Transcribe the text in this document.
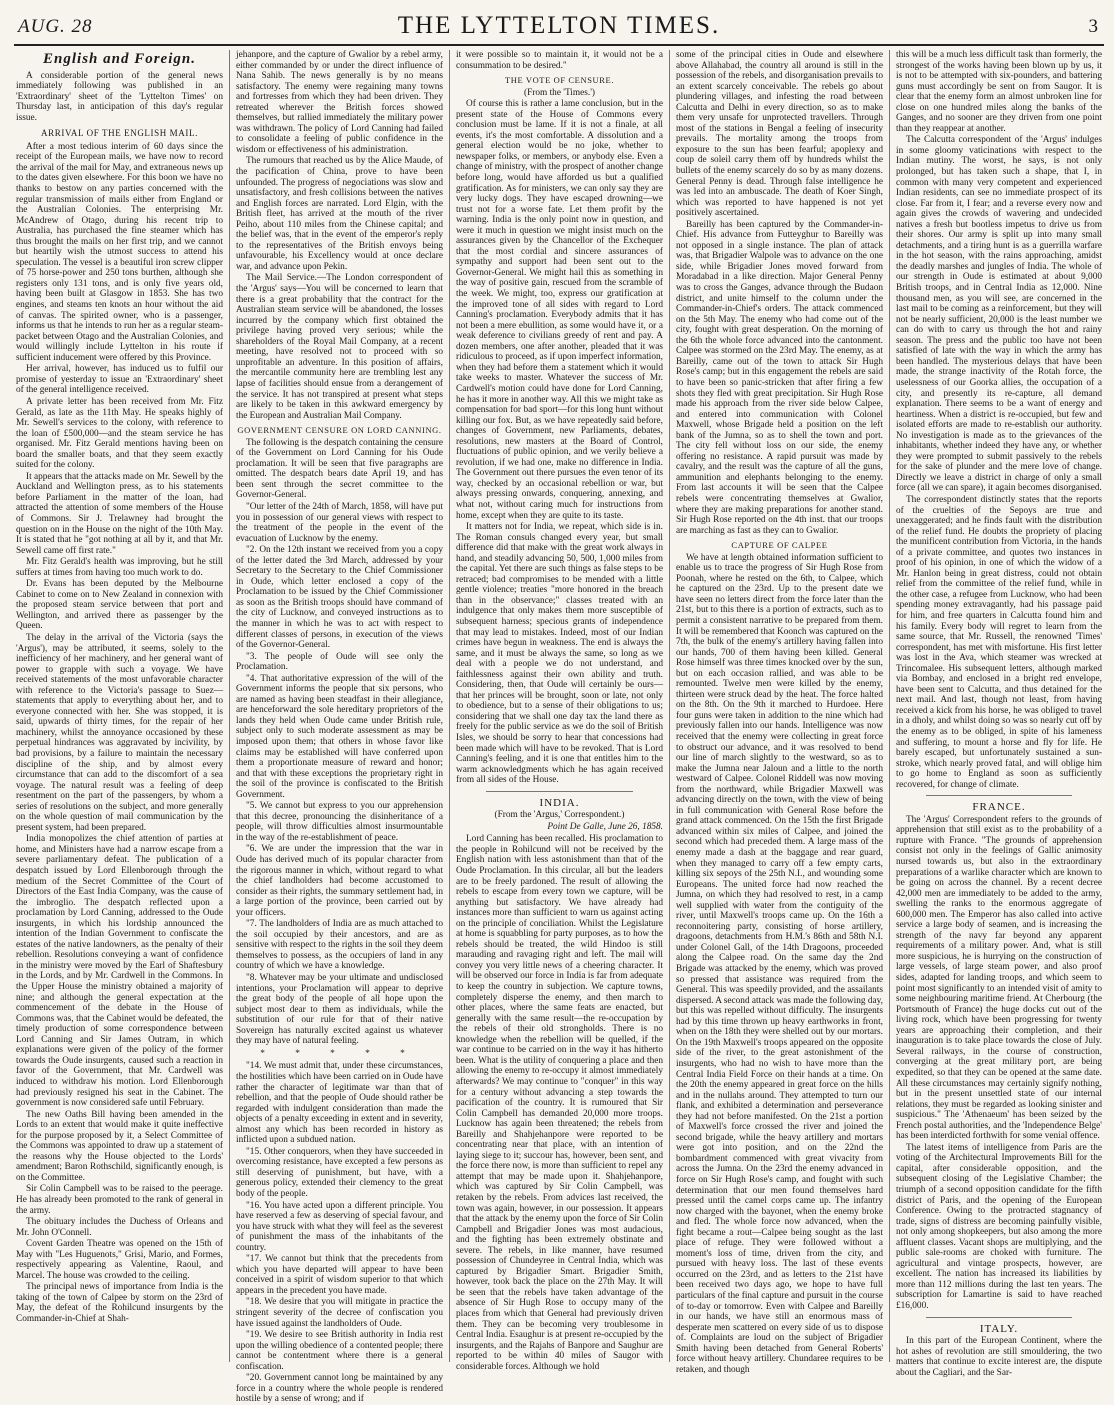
AUG. 28	THE LYTTELTON TIMES.	3
English and Foreign.

A considerable portion of the general news immediately following was published in an 'Extraordinary' sheet of the 'Lyttelton Times' on Thursday last, in anticipation of this day's regular issue.

ARRIVAL OF THE ENGLISH MAIL.

After a most tedious interim of 60 days since the receipt of the European mails, we have now to record the arrival of the mail for May, and extraneous news up to the dates given elsewhere. For this boon we have no thanks to bestow on any parties concerned with the regular transmission of mails either from England or the Australian Colonies. The enterprising Mr. McAndrew of Otago, during his recent trip to Australia, has purchased the fine steamer which has thus brought the mails on her first trip, and we cannot but heartily wish the utmost success to attend his speculation. The vessel is a beautiful iron screw clipper of 75 horse-power and 250 tons burthen, although she registers only 131 tons, and is only five years old, having been built at Glasgow in 1853. She has two engines, and steams ten knots an hour without the aid of canvas. The spirited owner, who is a passenger, informs us that he intends to run her as a regular steam-packet between Otago and the Australian Colonies, and would willingly include Lyttelton in his route if sufficient inducement were offered by this Province.

Her arrival, however, has induced us to fulfil our promise of yesterday to issue an 'Extraordinary' sheet of the general intelligence received.

A private letter has been received from Mr. Fitz Gerald, as late as the 11th May. He speaks highly of Mr. Sewell's services to the colony, with reference to the loan of £500,000—and the steam service he has organised. Mr. Fitz Gerald mentions having been on board the smaller boats, and that they seem exactly suited for the colony.

It appears that the attacks made on Mr. Sewell by the Auckland and Wellington press, as to his statements before Parliament in the matter of the loan, had attracted the attention of some members of the House of Commons. Sir J. Trelawney had brought the question on in the House on the night of the 10th May. It is stated that he "got nothing at all by it, and that Mr. Sewell came off first rate."

Mr. Fitz Gerald's health was improving, but he still suffers at times from having too much work to do.

Dr. Evans has been deputed by the Melbourne Cabinet to come on to New Zealand in connexion with the proposed steam service between that port and Wellington, and arrived there as passenger by the Queen.

The delay in the arrival of the Victoria (says the 'Argus'), may be attributed, it seems, solely to the inefficiency of her machinery, and her general want of power to grapple with such a voyage. We have received statements of the most unfavorable character with reference to the Victoria's passage to Suez—statements that apply to everything about her, and to everyone connected with her. She was stopped, it is said, upwards of thirty times, for the repair of her machinery, whilst the annoyance occasioned by these perpetual hindrances was aggravated by incivility, by bad provisions, by a failure to maintain the necessary discipline of the ship, and by almost every circumstance that can add to the discomfort of a sea voyage. The natural result was a feeling of deep resentment on the part of the passengers, by whom a series of resolutions on the subject, and more generally on the whole question of mail communication by the present system, had been prepared.

India monopolizes the chief attention of parties at home, and Ministers have had a narrow escape from a severe parliamentary defeat. The publication of a despatch issued by Lord Ellenborough through the medium of the Secret Committee of the Court of Directors of the East India Company, was the cause of the imbroglio. The despatch reflected upon a proclamation by Lord Canning, addressed to the Oude insurgents, in which his lordship announced the intention of the Indian Government to confiscate the estates of the native landowners, as the penalty of their rebellion. Resolutions conveying a want of confidence in the ministry were moved by the Earl of Shaftesbury in the Lords, and by Mr. Cardwell in the Commons. In the Upper House the ministry obtained a majority of nine; and although the general expectation at the commencement of the debate in the House of Commons was, that the Cabinet would be defeated, the timely production of some correspondence between Lord Canning and Sir James Outram, in which explanations were given of the policy of the former towards the Oude insurgents, caused such a reaction in favor of the Government, that Mr. Cardwell was induced to withdraw his motion. Lord Ellenborough had previously resigned his seat in the Cabinet. The government is now considered safe until February.

The new Oaths Bill having been amended in the Lords to an extent that would make it quite ineffective for the purpose proposed by it, a Select Committee of the Commons was appointed to draw up a statement of the reasons why the House objected to the Lords' amendment; Baron Rothschild, significantly enough, is on the Committee.

Sir Colin Campbell was to be raised to the peerage. He has already been promoted to the rank of general in the army.

The obituary includes the Duchess of Orleans and Mr. John O'Connell.

Covent Garden Theatre was opened on the 15th of May with "Les Huguenots," Grisi, Mario, and Formes, respectively appearing as Valentine, Raoul, and Marcel. The house was crowded to the ceiling.

The principal news of importance from India is the taking of the town of Calpee by storm on the 23rd of May, the defeat of the Rohilcund insurgents by the Commander-in-Chief at Shah-

jehanpore, and the capture of Gwalior by a rebel army, either commanded by or under the direct influence of Nana Sahib. The news generally is by no means satisfactory. The enemy were regaining many towns and fortresses from which they had been driven. They retreated wherever the British forces showed themselves, but rallied immediately the military power was withdrawn. The policy of Lord Canning had failed to consolidate a feeling of public confidence in the wisdom or effectiveness of his administration.

The rumours that reached us by the Alice Maude, of the pacification of China, prove to have been unfounded. The progress of negociations was slow and unsatisfactory, and fresh collisions between the natives and English forces are narrated. Lord Elgin, with the British fleet, has arrived at the mouth of the river Peiho, about 110 miles from the Chinese capital; and the belief was, that in the event of the emperor's reply to the representatives of the British envoys being unfavourable, his Excellency would at once declare war, and advance upon Pekin.

The Mail Service.—The London correspondent of the 'Argus' says—You will be concerned to learn that there is a great probability that the contract for the Australian steam service will be abandoned, the losses incurred by the company which first obtained the privilege having proved very serious; while the shareholders of the Royal Mail Company, at a recent meeting, have resolved not to proceed with so unprofitable an adventure. In this position of affairs, the mercantile community here are trembling lest any lapse of facilities should ensue from a derangement of the service. It has not transpired at present what steps are likely to be taken in this awkward emergency by the European and Australian Mail Company.

GOVERNMENT CENSURE ON LORD CANNING.

The following is the despatch containing the censure of the Government on Lord Canning for his Oude proclamation. It will be seen that five paragraphs are omitted. The despatch bears date April 19, and has been sent through the secret committee to the Governor-General.

"Our letter of the 24th of March, 1858, will have put you in possession of our general views with respect to the treatment of the people in the event of the evacuation of Lucknow by the enemy.

"2. On the 12th instant we received from you a copy of the letter dated the 3rd March, addressed by your Secretary to the Secretary to the Chief Commissioner in Oude, which letter enclosed a copy of the Proclamation to be issued by the Chief Commissioner as soon as the British troops should have command of the city of Lucknow, and conveyed instructions as to the manner in which he was to act with respect to different classes of persons, in execution of the views of the Governor-General.

"3. The people of Oude will see only the Proclamation.

"4. That authoritative expression of the will of the Government informs the people that six persons, who are named as having been steadfast in their allegiance, are henceforward the sole hereditary proprietors of the lands they held when Oude came under British rule, subject only to such moderate assessment as may be imposed upon them; that others in whose favor like claims may be established will have conferred upon them a proportionate measure of reward and honor; and that with these exceptions the proprietary right in the soil of the province is confiscated to the British Government.

"5. We cannot but express to you our apprehension that this decree, pronouncing the disinheritance of a people, will throw difficulties almost insurmountable in the way of the re-establishment of peace.

"6. We are under the impression that the war in Oude has derived much of its popular character from the rigorous manner in which, without regard to what the chief landholders had become accustomed to consider as their rights, the summary settlement had, in a large portion of the province, been carried out by your officers.

"7. The landholders of India are as much attached to the soil occupied by their ancestors, and are as sensitive with respect to the rights in the soil they deem themselves to possess, as the occupiers of land in any country of which we have a knowledge.

"8. Whatever may be your ultimate and undisclosed intentions, your Proclamation will appear to deprive the great body of the people of all hope upon the subject most dear to them as individuals, while the substitution of our rule for that of their native Sovereign has naturally excited against us whatever they may have of natural feeling.

* * * * *

"14. We must admit that, under these circumstances, the hostilities which have been carried on in Oude have rather the character of legitimate war than that of rebellion, and that the people of Oude should rather be regarded with indulgent consideration than made the objects of a penalty exceeding in extent and in severity, almost any which has been recorded in history as inflicted upon a subdued nation.

"15. Other conquerors, when they have succeeded in overcoming resistance, have excepted a few persons as still deserving of punishment, but have, with a generous policy, extended their clemency to the great body of the people.

"16. You have acted upon a different principle. You have reserved a few as deserving of special favour, and you have struck with what they will feel as the severest of punishment the mass of the inhabitants of the country.

"17. We cannot but think that the precedents from which you have departed will appear to have been conceived in a spirit of wisdom superior to that which appears in the precedent you have made.

"18. We desire that you will mitigate in practice the stringent severity of the decree of confiscation you have issued against the landholders of Oude.

"19. We desire to see British authority in India rest upon the willing obedience of a contented people; there cannot be contentment where there is a general confiscation.

"20. Government cannot long be maintained by any force in a country where the whole people is rendered hostile by a sense of wrong; and if

it were possible so to maintain it, it would not be a consummation to be desired."

THE VOTE OF CENSURE.
(From the 'Times.')

Of course this is rather a lame conclusion, but in the present state of the House of Commons every conclusion must be lame. If it is not a finale, at all events, it's the most comfortable. A dissolution and a general election would be no joke, whether to newspaper folks, or members, or anybody else. Even a change of ministry, with the prospect of another change before long, would have afforded us but a qualified gratification. As for ministers, we can only say they are very lucky dogs. They have escaped drowning—we trust not for a worse fate. Let them profit by the warning. India is the only point now in question, and were it much in question we might insist much on the assurances given by the Chancellor of the Exchequer that the most cordial and sincere assurances of sympathy and support had been sent out to the Governor-General. We might hail this as something in the way of positive gain, rescued from the scramble of the week. We might, too, express our gratification at the improved tone of all sides with regard to Lord Canning's proclamation. Everybody admits that it has not been a mere ebullition, as some would have it, or a weak deference to civilians greedy of rent and pay. A dozen members, one after another, pleaded that it was ridiculous to proceed, as if upon imperfect information, when they had before them a statement which it would take weeks to master. Whatever the success of Mr. Cardwell's motion could have done for Lord Canning, he has it more in another way. All this we might take as compensation for bad sport—for this long hunt without killing our fox. But, as we have repeatedly said before, changes of Government, new Parliaments, debates, resolutions, new masters at the Board of Control, fluctuations of public opinion, and we verily believe a revolution, if we had one, make no difference in India. The Government out there pursues the even tenor of its way, checked by an occasional rebellion or war, but always pressing onwards, conquering, annexing, and what not, without caring much for instructions from home, except when they are quite to its taste.

It matters not for India, we repeat, which side is in. The Roman consuls changed every year, but small difference did that make with the great work always in hand, and steadily advancing 50, 500, 1,000 miles from the capital. Yet there are such things as false steps to be retraced; bad compromises to be mended with a little gentle violence; treaties "more honored in the breach than in the observance;" classes treated with an indulgence that only makes them more susceptible of subsequent harness; specious grants of independence that may lead to mistakes. Indeed, most of our Indian crimes have begun in weakness. The end is always the same, and it must be always the same, so long as we deal with a people we do not understand, and faithlessness against their own ability and truth. Considering, then, that Oude will certainly be ours—that her princes will be brought, soon or late, not only to obedience, but to a sense of their obligations to us; considering that we shall one day tax the land there as freely for the public service as we do the soil of British Isles, we should be sorry to hear that concessions had been made which will have to be revoked. That is Lord Canning's feeling, and it is one that entitles him to the warm acknowledgments which he has again received from all sides of the House.

INDIA.
(From the 'Argus,' Correspondent.)
Point De Galle, June 26, 1858.

Lord Canning has been recalled. His proclamation to the people in Rohilcund will not be received by the English nation with less astonishment than that of the Oude Proclamation. In this circular, all but the leaders are to be freely pardoned. The result of allowing the rebels to escape from every town we capture, will be anything but satisfactory. We have already had instances more than sufficient to warn us against acting on the principle of conciliation. Whilst the Legislature at home is squabbling for party purposes, as to how the rebels should be treated, the wild Hindoo is still marauding and ravaging right and left. The mail will convey you very little news of a cheering character. It will be observed our force in India is far from adequate to keep the country in subjection. We capture towns, completely disperse the enemy, and then march to other places, where the same feats are enacted, but generally with the same result—the re-occupation by the rebels of their old strongholds. There is no knowledge when the rebellion will be quelled, if the war continue to be carried on in the way it has hitherto been. What is the utility of conquering a place and then allowing the enemy to re-occupy it almost immediately afterwards? We may continue to "conquer" in this way for a century without advancing a step towards the pacification of the country. It is rumoured that Sir Colin Campbell has demanded 20,000 more troops. Lucknow has again been threatened; the rebels from Bareilly and Shahjehanpore were reported to be concentrating near that place, with an intention of laying siege to it; succour has, however, been sent, and the force there now, is more than sufficient to repel any attempt that may be made upon it. Shahjehanpore, which was captured by Sir Colin Campbell, was retaken by the rebels. From advices last received, the town was again, however, in our possession. It appears that the attack by the enemy upon the force of Sir Colin Campbell and Brigadier Jones was most audacious, and the fighting has been extremely obstinate and severe. The rebels, in like manner, have resumed possession of Chundeyree in Central India, which was captured by Brigadier Smart. Brigadier Smith, however, took back the place on the 27th May. It will be seen that the rebels have taken advantage of the absence of Sir Hugh Rose to occupy many of the places from which that General had previously driven them. They can be becoming very troublesome in Central India. Esaughur is at present re-occupied by the insurgents, and the Rajahs of Banpore and Saughur are reported to be within 40 miles of Saugor with considerable forces. Although we hold

some of the principal cities in Oude and elsewhere above Allahabad, the country all around is still in the possession of the rebels, and disorganisation prevails to an extent scarcely conceivable. The rebels go about plundering villages, and infesting the road between Calcutta and Delhi in every direction, so as to make them very unsafe for unprotected travellers. Through most of the stations in Bengal a feeling of insecurity prevails. The mortality among the troops from exposure to the sun has been fearful; apoplexy and coup de soleil carry them off by hundreds whilst the bullets of the enemy scarcely do so by as many dozens. General Penny is dead. Through false intelligence he was led into an ambuscade. The death of Koer Singh, which was reported to have happened is not yet positively ascertained.

Bareilly has been captured by the Commander-in-Chief. His advance from Futteyghur to Bareilly was not opposed in a single instance. The plan of attack was, that Brigadier Walpole was to advance on the one side, while Brigadier Jones moved forward from Moradabad in a like direction. Major General Penny was to cross the Ganges, advance through the Budaon district, and unite himself to the column under the Commander-in-Chief's orders. The attack commenced on the 5th May. The enemy who had come out of the city, fought with great desperation. On the morning of the 6th the whole force advanced into the cantonment. Calpee was stormed on the 23rd May. The enemy, as at Bareilly, came out of the town to attack Sir Hugh Rose's camp; but in this engagement the rebels are said to have been so panic-stricken that after firing a few shots they fled with great precipitation. Sir Hugh Rose made his approach from the river side below Calpee, and entered into communication with Colonel Maxwell, whose Brigade held a position on the left bank of the Jumna, so as to shell the town and port. The city fell without loss on our side, the enemy offering no resistance. A rapid pursuit was made by cavalry, and the result was the capture of all the guns, ammunition and elephants belonging to the enemy. From last accounts it will be seen that the Calpee rebels were concentrating themselves at Gwalior, where they are making preparations for another stand. Sir Hugh Rose reported on the 4th inst. that our troops are marching as fast as they can to Gwalior.

CAPTURE OF CALPEE

We have at length obtained information sufficient to enable us to trace the progress of Sir Hugh Rose from Poonah, where he rested on the 6th, to Calpee, which he captured on the 23rd. Up to the present date we have seen no letters direct from the force later than the 21st, but to this there is a portion of extracts, such as to permit a consistent narrative to be prepared from them. It will be remembered that Koonch was captured on the 7th, the bulk of the enemy's artillery having fallen into our hands, 700 of them having been killed. General Rose himself was three times knocked over by the sun, but on each occasion rallied, and was able to be remounted. Twelve men were killed by the enemy, thirteen were struck dead by the heat. The force halted on the 8th. On the 9th it marched to Hurdoee. Here four guns were taken in addition to the nine which had previously fallen into our hands. Intelligence was now received that the enemy were collecting in great force to obstruct our advance, and it was resolved to bend our line of march slightly to the westward, so as to make the Jumna near Jaloun and a little to the north westward of Calpee. Colonel Riddell was now moving from the northward, while Brigadier Maxwell was advancing directly on the town, with the view of being in full communication with General Rose before the grand attack commenced. On the 15th the first Brigade advanced within six miles of Calpee, and joined the second which had preceded them. A large mass of the enemy made a dash at the baggage and rear guard, when they managed to carry off a few empty carts, killing six sepoys of the 25th N.I., and wounding some Europeans. The united force had now reached the Jumna, on which they had resolved to rest, in a camp well supplied with water from the contiguity of the river, until Maxwell's troops came up. On the 16th a reconnoitering party, consisting of horse artillery, dragoons, detachments from H.M.'s 86th and 58th N.I. under Colonel Gall, of the 14th Dragoons, proceeded along the Calpee road. On the same day the 2nd Brigade was attacked by the enemy, which was proved so pressed that assistance was required from the General. This was speedily provided, and the assailants dispersed. A second attack was made the following day, but this was repelled without difficulty. The insurgents had by this time thrown up heavy earthworks in front, when on the 18th they were shelled out by our mortars. On the 19th Maxwell's troops appeared on the opposite side of the river, to the great astonishment of the insurgents, who had no wish to have more than the Central India Field Force on their hands at a time. On the 20th the enemy appeared in great force on the hills and in the nullahs around. They attempted to turn our flank, and exhibited a determination and perseverance they had not before manifested. On the 21st a portion of Maxwell's force crossed the river and joined the second brigade, while the heavy artillery and mortars were got into position, and on the 22nd the bombardment commenced with great vivacity from across the Jumna. On the 23rd the enemy advanced in force on Sir Hugh Rose's camp, and fought with such determination that our men found themselves hard pressed until the camel corps came up. The infantry now charged with the bayonet, when the enemy broke and fled. The whole force now advanced, when the fight became a rout—Calpee being sought as the last place of refuge. They were followed without a moment's loss of time, driven from the city, and pursued with heavy loss. The last of these events occurred on the 23rd, and as letters to the 21st have been received two days ago, we hope to have full particulars of the final capture and pursuit in the course of to-day or tomorrow. Even with Calpee and Bareilly in our hands, we have still an enormous mass of desperate men scattered on every side of us to dispose of. Complaints are loud on the subject of Brigadier Smith having been detached from General Roberts' force without heavy artillery. Chundaree requires to be retaken, and though

this will be a much less difficult task than formerly, the strongest of the works having been blown up by us, it is not to be attempted with six-pounders, and battering guns must accordingly be sent on from Saugor. It is clear that the enemy form an almost unbroken line for close on one hundred miles along the banks of the Ganges, and no sooner are they driven from one point than they reappear at another.

The Calcutta correspondent of the 'Argus' indulges in some gloomy vaticinations with respect to the Indian mutiny. The worst, he says, is not only prolonged, but has taken such a shape, that I, in common with many very competent and experienced Indian residents, can see no immediate prospect of its close. Far from it, I fear; and a reverse every now and again gives the crowds of wavering and undecided natives a fresh but bootless impetus to drive us from their shores. Our army is split up into many small detachments, and a tiring hunt is as a guerrilla warfare in the hot season, with the rains approaching, amidst the deadly marshes and jungles of India. The whole of our strength in Oude is estimated at about 9,000 British troops, and in Central India as 12,000. Nine thousand men, as you will see, are concerned in the last mail to be coming as a reinforcement, but they will not be nearly sufficient, 20,000 is the least number we can do with to carry us through the hot and rainy season. The press and the public too have not been satisfied of late with the way in which the army has been handled. The mysterious delays that have been made, the strange inactivity of the Rotah force, the uselessness of our Goorka allies, the occupation of a city, and presently its re-capture, all demand explanation. There seems to be a want of energy and heartiness. When a district is re-occupied, but few and isolated efforts are made to re-establish our authority. No investigation is made as to the grievances of the inhabitants, whether indeed they have any, or whether they were prompted to submit passively to the rebels for the sake of plunder and the mere love of change. Directly we leave a district in charge of only a small force (all we can spare), it again becomes disorganised.

The correspondent distinctly states that the reports of the cruelties of the Sepoys are true and unexaggerated; and he finds fault with the distribution of the relief fund. He doubts the propriety of placing the munificent contribution from Victoria, in the hands of a private committee, and quotes two instances in proof of his opinion, in one of which the widow of a Mr. Hanlon being in great distress, could not obtain relief from the committee of the relief fund, while in the other case, a refugee from Lucknow, who had been spending money extravagantly, had his passage paid for him, and free quarters in Calcutta found him and his family. Every body will regret to learn from the same source, that Mr. Russell, the renowned 'Times' correspondent, has met with misfortune. His first letter was lost in the Ava, which steamer was wrecked at Trincomalee. His subsequent letters, although marked via Bombay, and enclosed in a bright red envelope, have been sent to Calcutta, and thus detained for the next mail. And last, though not least, from having received a kick from his horse, he was obliged to travel in a dholy, and whilst doing so was so nearly cut off by the enemy as to be obliged, in spite of his lameness and suffering, to mount a horse and fly for life. He barely escaped, but unfortunately sustained a sun-stroke, which nearly proved fatal, and will oblige him to go home to England as soon as sufficiently recovered, for change of climate.

FRANCE.

The 'Argus' Correspondent refers to the grounds of apprehension that still exist as to the probability of a rupture with France. "The grounds of apprehension consist not only in the feelings of Gallic animosity nursed towards us, but also in the extraordinary preparations of a warlike character which are known to be going on across the channel. By a recent decree 42,000 men are immediately to be added to the army, swelling the ranks to the enormous aggregate of 600,000 men. The Emperor has also called into active service a large body of seamen, and is increasing the strength of the navy far beyond any apparent requirements of a military power. And, what is still more suspicious, he is hurrying on the construction of large vessels, of large steam power, and also proof sides, adapted for landing troops, and which seem to point most significantly to an intended visit of amity to some neighbouring maritime friend. At Cherbourg (the Portsmouth of France) the huge docks cut out of the living rock, which have been progressing for twenty years are approaching their completion, and their inauguration is to take place towards the close of July. Several railways, in the course of construction, converging at the great military port, are being expedited, so that they can be opened at the same date. All these circumstances may certainly signify nothing, but in the present unsettled state of our internal relations, they must be regarded as looking sinister and suspicious." The 'Athenaeum' has been seized by the French postal authorities, and the 'Independence Belge' has been interdicted forthwith for some venial offence.

The latest items of intelligence from Paris are the voting of the Architectural Improvements Bill for the capital, after considerable opposition, and the subsequent closing of the Legislative Chamber; the triumph of a second opposition candidate for the fifth district of Paris, and the opening of the European Conference. Owing to the protracted stagnancy of trade, signs of distress are becoming painfully visible, not only among shopkeepers, but also among the more affluent classes. Vacant shops are multiplying, and the public sale-rooms are choked with furniture. The agricultural and vintage prospects, however, are excellent. The nation has increased its liabilities by more than 112 millions during the last ten years. The subscription for Lamartine is said to have reached £16,000.

ITALY.

In this part of the European Continent, where the hot ashes of revolution are still smouldering, the two matters that continue to excite interest are, the dispute about the Cagliari, and the Sar-
